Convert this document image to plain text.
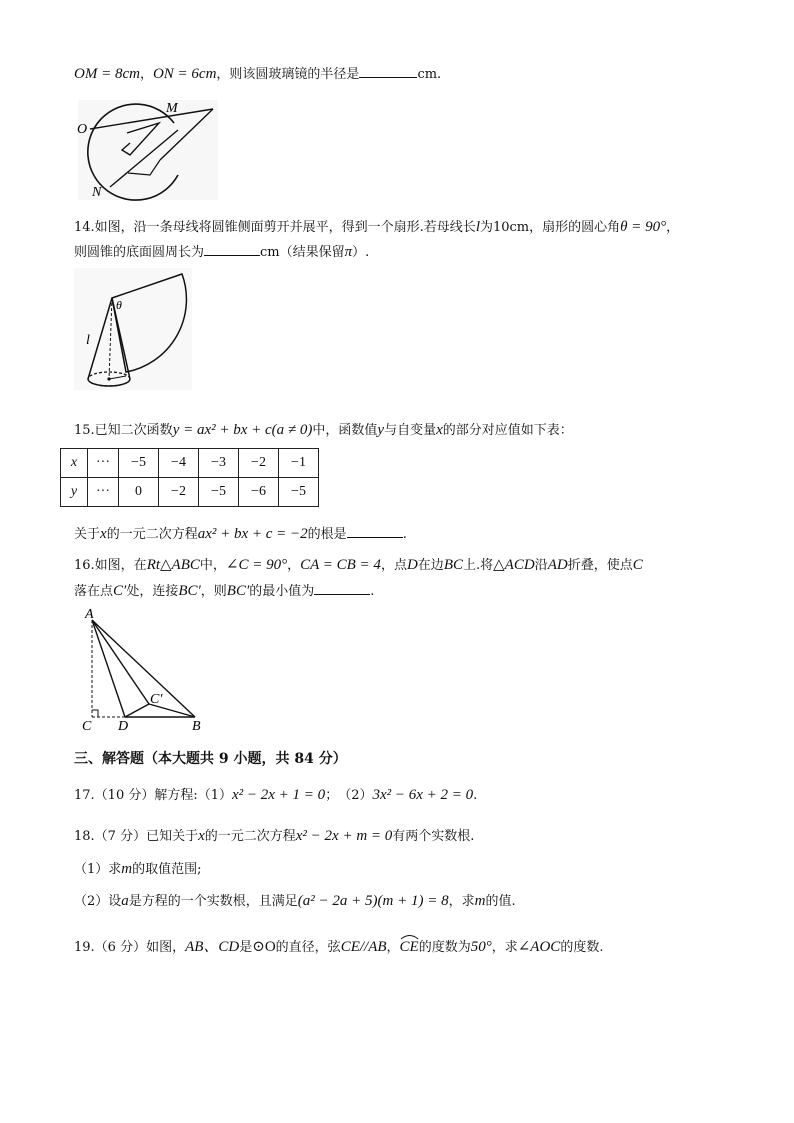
OM = 8cm，ON = 6cm，则该圆玻璃镜的半径是	cm.
O
M
N
14.如图，沿一条母线将圆锥侧面剪开并展平，得到一个扇形.若母线长l为10cm，扇形的圆心角θ = 90°，
则圆锥的底面圆周长为	cm（结果保留π）.
θ
l
15.已知二次函数y = ax² + bx + c(a ≠ 0)中，函数值y与自变量x的部分对应值如下表：
x	···	−5	−4	−3	−2	−1
y	···	0	−2	−5	−6	−5
关于x的一元二次方程ax² + bx + c = −2的根是	.
16.如图，在Rt△ABC中，∠C = 90°，CA = CB = 4，点D在边BC上.将△ACD沿AD折叠，使点C
落在点C′处，连接BC′，则BC′的最小值为	.
A
C D	B
C′
三、解答题（本大题共 9 小题，共 84 分）
17.（10 分）解方程:（1）x² − 2x + 1 = 0；　（2）3x² − 6x + 2 = 0.
18.（7 分）已知关于x的一元二次方程x² − 2x + m = 0有两个实数根.
（1）求m的取值范围;
（2）设a是方程的一个实数根，且满足(a² − 2a + 5)(m + 1) = 8，求m的值.
19.（6 分）如图，AB、CD是⊙O的直径，弦CE//AB，CE
的度数为50°，求∠AOC的度数.
